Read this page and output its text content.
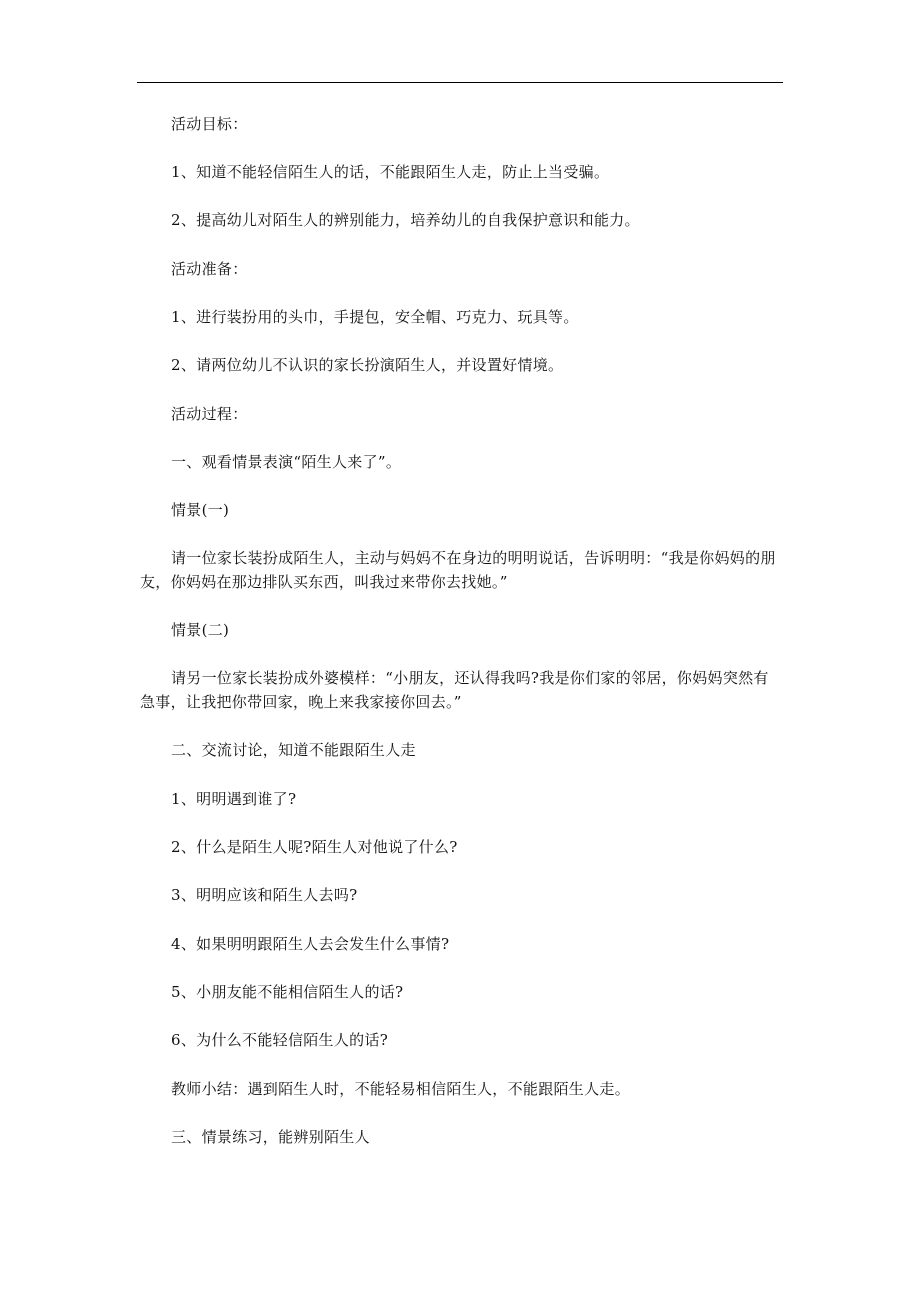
活动目标：
1、知道不能轻信陌生人的话，不能跟陌生人走，防止上当受骗。
2、提高幼儿对陌生人的辨别能力，培养幼儿的自我保护意识和能力。
活动准备：
1、进行装扮用的头巾，手提包，安全帽、巧克力、玩具等。
2、请两位幼儿不认识的家长扮演陌生人，并设置好情境。
活动过程：
一、观看情景表演“陌生人来了”。
情景(一)
请一位家长装扮成陌生人，主动与妈妈不在身边的明明说话，告诉明明：“我是你妈妈的朋友，你妈妈在那边排队买东西，叫我过来带你去找她。”
情景(二)
请另一位家长装扮成外婆模样：“小朋友，还认得我吗?我是你们家的邻居，你妈妈突然有急事，让我把你带回家，晚上来我家接你回去。”
二、交流讨论，知道不能跟陌生人走
1、明明遇到谁了?
2、什么是陌生人呢?陌生人对他说了什么?
3、明明应该和陌生人去吗?
4、如果明明跟陌生人去会发生什么事情?
5、小朋友能不能相信陌生人的话?
6、为什么不能轻信陌生人的话?
教师小结：遇到陌生人时，不能轻易相信陌生人，不能跟陌生人走。
三、情景练习，能辨别陌生人
